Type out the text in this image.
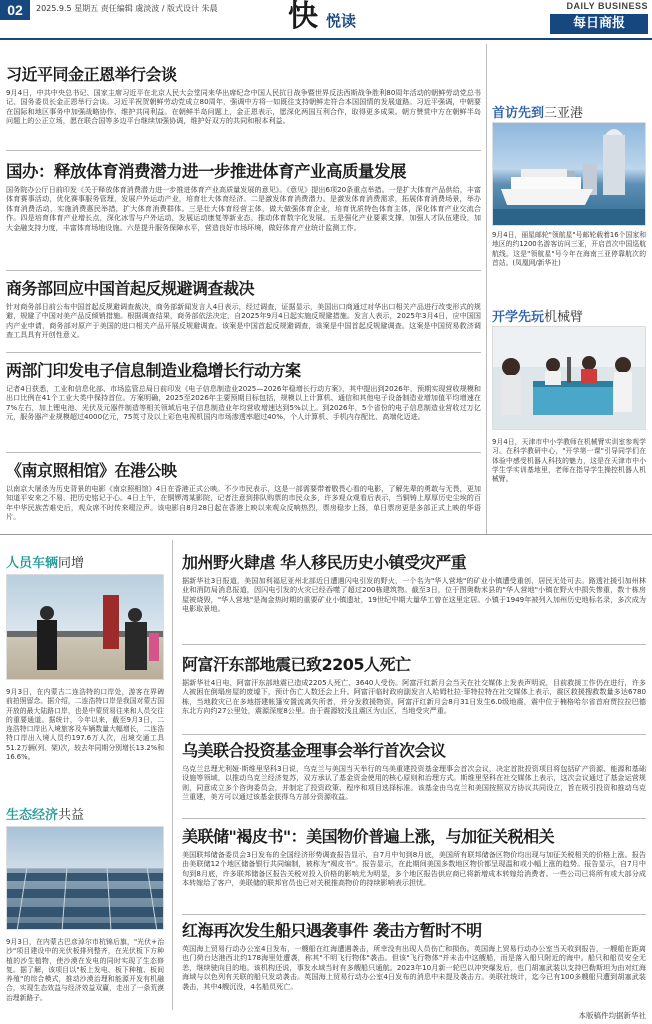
02	2025.9.5 星期五 责任编辑 虞淡波 / 版式设计 朱晨 快 悦读
DAILY BUSINESS
每日商报
习近平同金正恩举行会谈

9月4日，中共中央总书记、国家主席习近平在北京人民大会堂同来华出席纪念中国人民抗日战争暨世界反法西斯战争胜利80周年活动的朝鲜劳动党总书记、国务委员长金正恩举行会谈。习近平祝贺朝鲜劳动党成立80周年，强调中方将一如既往支持朝鲜走符合本国国情的发展道路。习近平强调，中朝要在国际和地区事务中加强战略协作，维护共同利益。在朝鲜半岛问题上，金正恩表示，愿深化两国互利合作，取得更多成果。朝方赞赏中方在朝鲜半岛问题上的公正立场，愿在联合国等多边平台继续加强协调，维护好双方的共同和根本利益。

国办：释放体育消费潜力进一步推进体育产业高质量发展

国务院办公厅日前印发《关于释放体育消费潜力进一步推进体育产业高质量发展的意见》。《意见》提出6项20条重点举措。一是扩大体育产品供给，丰富体育赛事活动，优化赛事服务管理，发展户外运动产业，培育壮大体育经济。二是激发体育消费潜力。是激发体育消费需求，拓展体育消费场景，举办体育消费活动，实施消费惠民举措，扩大体育消费群体。三是壮大体育经营主体，做大做强体育企业，培育优质特色体育主体，深化体育产业交流合作。四是培育体育产业增长点，深化冰雪与户外运动，发展运动康复等新业态，推动体育数字化发展。五是强化产业要素支撑，加强人才队伍建设，加大金融支持力度，丰富体育场地设施。六是提升服务保障水平，营造良好市场环境，做好体育产业统计监测工作。

商务部回应中国首起反规避调查裁决

针对商务部日前公布中国首起反规避调查裁决，商务部新闻发言人4日表示，经过调查，证据显示，美国出口商通过对华出口相关产品进行改变形式的规避，规避了中国对美产品反倾销措施。根据调查结果，商务部依法决定，自2025年9月4日起实施反规避措施。发言人表示，2025年3月4日，应中国国内产业申请，商务部对原产于美国的进口相关产品开展反规避调查。该案是中国首起反规避调查，该案是中国首起反规避调查。这案是中国贸易救济调查工具具有开创性意义。

两部门印发电子信息制造业稳增长行动方案

记者4日获悉，工业和信息化部、市场监管总局日前印发《电子信息制造业2025—2026年稳增长行动方案》，其中提出到2026年，预期实现营收规模和出口比例在41个工业大类中保持首位。方案明确，2025至2026年主要预期目标包括，规模以上计算机、通信和其他电子设备制造业增加值平均增速在7%左右，加上锂电池、光伏及元器件制造等相关领域后电子信息制造业年均营收增速达到5%以上。到2026年，5个省份的电子信息制造业营收过万亿元，服务器产业规模超过4000亿元，75英寸及以上彩色电视机国内市场渗透率超过40%，个人计算机、手机内存配比、高端化迈进。

《南京照相馆》在港公映

以南京大屠杀为历史背景的电影《南京照相馆》4日在香港正式公映。不少市民表示，这是一部需要带着敬畏心看的电影，了解先辈的勇敢与无畏，更加知道平安来之不易，把历史铭记于心。4日上午，在铜锣湾某影院，记者注意到排队购票的市民众多，许多观众观看后表示，当铜铸上厚厚历史尘埃的百年中华民族苦难史后，观众席不时传来啜泣声。该电影自8月28日起在香港上映以来观众反响热烈，票房稳步上扬，单日票房更是多部正式上映的华语片。

首访先到三亚港
9月4日，丽星邮轮"领航星"号邮轮载着16个国家和地区的约1200名游客访问三亚，开启首次中国巡航航线。这是"领航星"号今年在海南三亚停靠航次的首站。(凤凰网/新华社)
开学先玩机械臂
9月4日，天津市中小学教师在机械臂实训室参观学习。在科学教研中心，"开学第一课"引导同学们在体验中感受机器人科技的魅力，这是在天津市中小学生学实训基地里，老师在指导学生操控机器人机械臂。
人员车辆同增
9月3日，在内蒙古二连浩特的口岸处，游客在界碑前拍照留念。据介绍，二连浩特口岸是我国对蒙古国开放的最大陆路口岸，也是中蒙贸易往来和人员交往的重要通道。据统计，今年以来，截至9月3日，二连浩特口岸出入境旅客及车辆数量大幅增长，二连浩特口岸出入境人员约197.6万人次，出境交通工具51.2万辆(列、架)次，较去年同期分别增长13.2%和16.6%。
生态经济共益
9月3日，在内蒙古巴彦淖尔市杭锦后旗，"光伏+治沙"项目建设中的光伏板排列整齐，在光伏板下方种植的沙生植物，使沙漠在发电的同时实现了生态修复。据了解，该项目以"板上发电、板下种植、板间养殖"的综合模式，推动沙漠治理和能源开发有机融合，实现生态效益与经济效益双赢，走出了一条荒漠治理新路子。
加州野火肆虐 华人移民历史小镇受灾严重

据新华社3日报道，美国加利福尼亚州北部近日遭遇闪电引发的野火，一个名为"华人营地"的矿业小镇遭受重创，居民无处可去。路透社援引加州林业和消防局消息报道，因闪电引发的火灾已经吞噬了超过200栋建筑物。截至3日，位于图奥勒米县的"华人营地"小镇在野火中损失惨重，数十栋房屋被烧毁，"华人营地"是淘金热时期的重要矿业小镇遗址，19世纪中期大量华工曾在这里定居。小镇于1949年被列入加州历史地标名录，多次成为电影取景地。

阿富汗东部地震已致2205人死亡

据新华社4日电，阿富汗东部地震已造成2205人死亡、3640人受伤。阿富汗红新月会当天在社交媒体上发表声明说，目前救援工作仍在进行，许多人被困在倒塌房屋的废墟下，预计伤亡人数还会上升。阿富汗临时政府副发言人哈姆杜拉·菲特拉特在社交媒体上表示，震区救援搜救数量多达6780栋，当地救灾已在多地搭建帐篷安置流离失所者，并分发救援物资。阿富汗红新月会8月31日发生6.0级地震，震中位于楠格哈尔省首府贾拉拉巴德东北方向约27公里处，震源深度8公里。由于震源较浅且震区为山区，当地受灾严重。

乌美联合投资基金理事会举行首次会议

乌克兰总理尤利娅·斯维里坚科3日说，乌克兰与美国当天举行的乌美重建投资基金理事会首次会议，决定首批投资项目将包括矿产资源、能源和基础设施等领域，以推动乌克兰经济复苏，双方承认了基金资金使用的核心原则和治理方式。斯维里坚科在社交媒体上表示，这次会议通过了基金运营规则，同意成立多个咨询委员会，并制定了投资政策、程序和项目选择标准。该基金由乌克兰和美国按照双方协议共同设立，旨在吸引投资和推动乌克兰重建，美方可以通过该基金获得乌方部分资源收益。

美联储"褐皮书"：美国物价普遍上涨，与加征关税相关

美国联邦储备委员会3日发布的全国经济形势调查报告显示，自7月中旬到8月底，美国所有联邦储备区物价均出现与加征关税相关的价格上涨。报告由美联储12个地区储备银行共同编制，被称为"褐皮书"。报告显示，在此期间美国多数地区物价都呈现温和或小幅上涨的趋势。报告显示，自7月中旬到8月底，许多联邦储备区报告关税对投入价格的影响尤为明显，多个地区报告供应商已将新增成本转嫁给消费者。一些公司已将所有或大部分成本转嫁给了客户，美联储的联邦官员也已对关税推高物价的持续影响表示担忧。

红海再次发生船只遇袭事件 袭击方暂时不明

英国海上贸易行动办公室4日发布，一艘船在红海遭遇袭击，所幸没有出现人员伤亡和损伤。英国海上贸易行动办公室当天收到报告，一艘船在距离也门荷台达港西北约178海里处遭袭，称其"不明飞行物体"袭击。但该"飞行物体"并未击中这艘船，而是落入船只附近的海中。船只和船员安全无恙，继续驶向目的地。该机构还说，事发水域当时有多艘船只通航。2023年10月新一轮巴以冲突爆发后，也门胡塞武装以支持巴勒斯坦为由对红海海域与以色列有关联的船只发动袭击。英国海上贸易行动办公室4日发布的消息中未提及袭击方。美联社统计，迄今已有100多艘船只遭到胡塞武装袭击，其中4艘沉没，4名船员死亡。

本版稿件均据新华社
